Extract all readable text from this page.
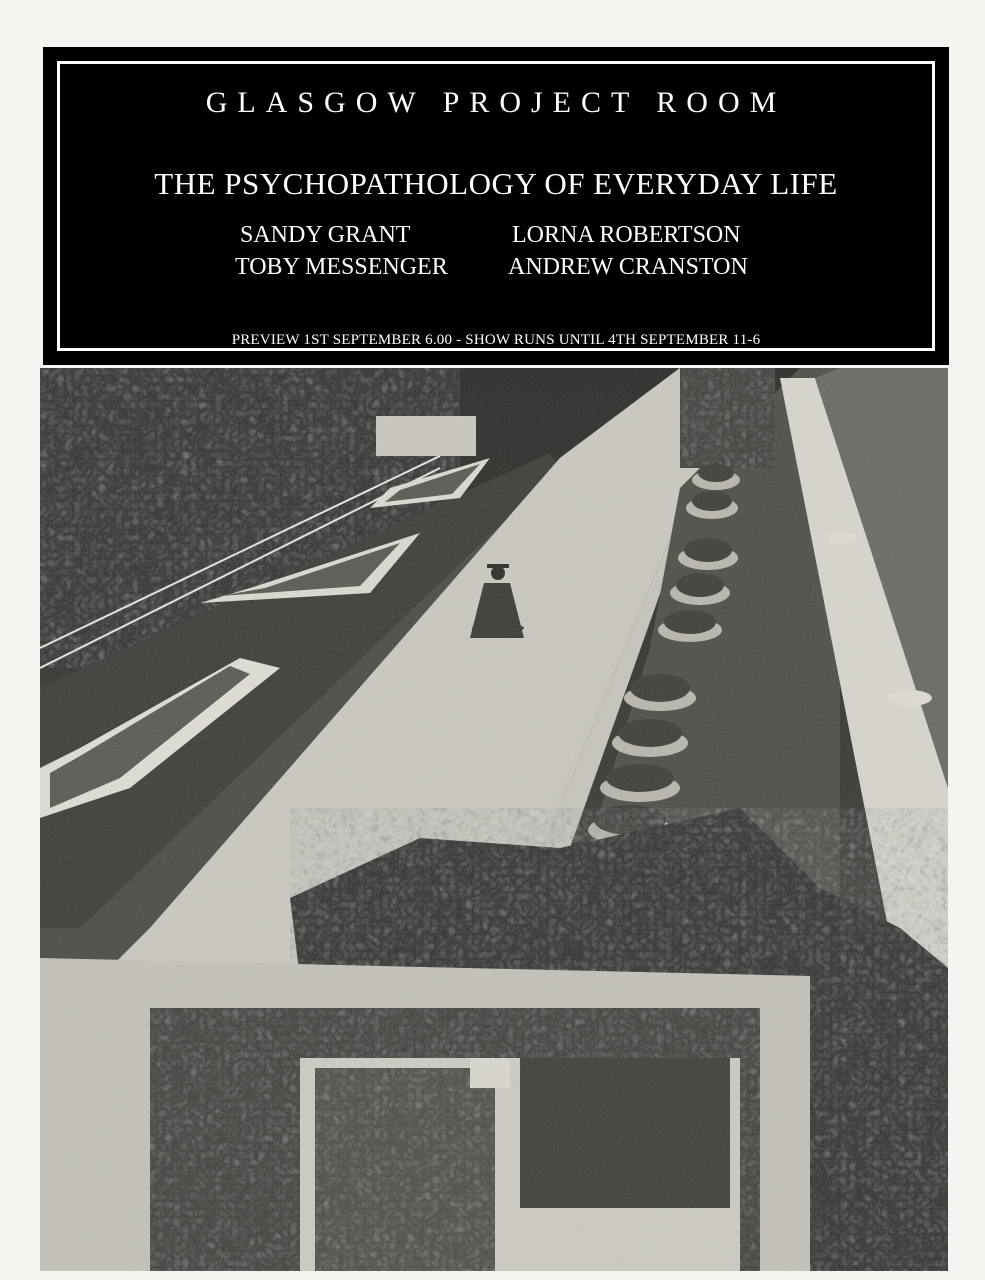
GLASGOW PROJECT ROOM
THE PSYCHOPATHOLOGY OF EVERYDAY LIFE
SANDY GRANT	LORNA ROBERTSON
TOBY MESSENGER	ANDREW CRANSTON
PREVIEW 1ST SEPTEMBER 6.00 - SHOW RUNS UNTIL 4TH SEPTEMBER 11-6
